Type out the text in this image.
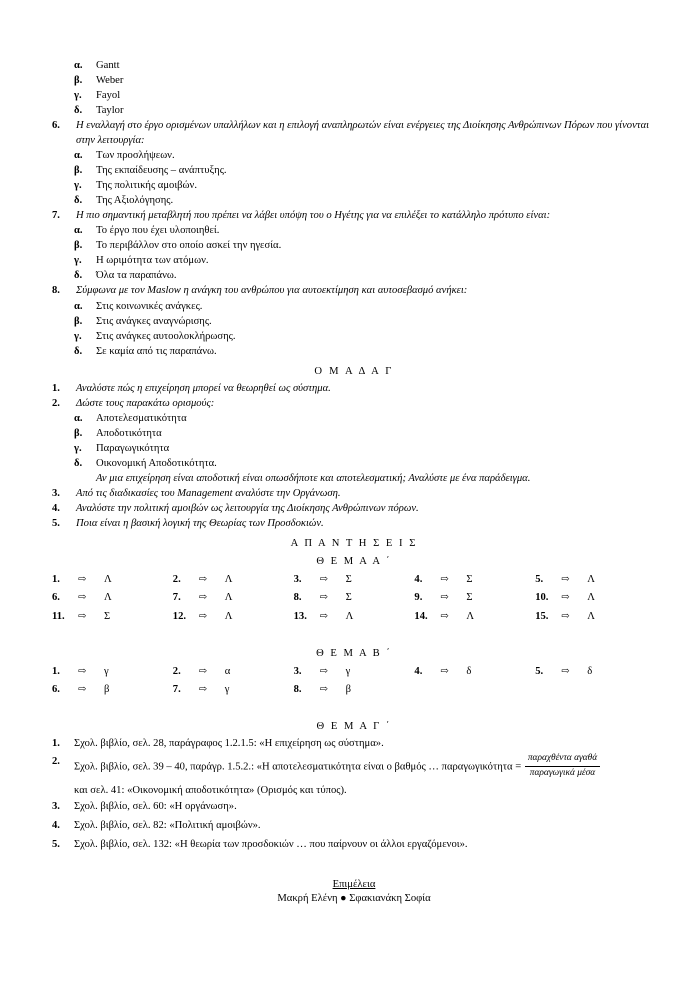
α.	Gantt
β.	Weber
γ.	Fayol
δ.	Taylor
6.	Η εναλλαγή στο έργο ορισμένων υπαλλήλων και η επιλογή αναπληρωτών είναι ενέργειες της Διοίκησης Ανθρώπινων Πόρων που γίνονται στην λειτουργία:
α.	Των προσλήψεων.
β.	Της εκπαίδευσης – ανάπτυξης.
γ.	Της πολιτικής αμοιβών.
δ.	Της Αξιολόγησης.
7.	Η πιο σημαντική μεταβλητή που πρέπει να λάβει υπόψη του ο Ηγέτης για να επιλέξει το κατάλληλο πρότυπο είναι:
α.	Το έργο που έχει υλοποιηθεί.
β.	Το περιβάλλον στο οποίο ασκεί την ηγεσία.
γ.	Η ωριμότητα των ατόμων.
δ.	Όλα τα παραπάνω.
8.	Σύμφωνα με τον Maslow η ανάγκη του ανθρώπου για αυτοεκτίμηση και αυτοσεβασμό ανήκει:
α.	Στις κοινωνικές ανάγκες.
β.	Στις ανάγκες αναγνώρισης.
γ.	Στις ανάγκες αυτοολοκλήρωσης.
δ.	Σε καμία από τις παραπάνω.
Ο Μ Α Δ Α Γ
1.	Αναλύστε πώς η επιχείρηση μπορεί να θεωρηθεί ως σύστημα.
2.	Δώστε τους παρακάτω ορισμούς:
α.	Αποτελεσματικότητα
β.	Αποδοτικότητα
γ.	Παραγωγικότητα
δ.	Οικονομική Αποδοτικότητα.
Αν μια επιχείρηση είναι αποδοτική είναι οπωσδήποτε και αποτελεσματική; Αναλύστε με ένα παράδειγμα.
3.	Από τις διαδικασίες του Management αναλύστε την Οργάνωση.
4.	Αναλύστε την πολιτική αμοιβών ως λειτουργία της Διοίκησης Ανθρώπινων πόρων.
5.	Ποια είναι η βασική λογική της Θεωρίας των Προσδοκιών.
Α Π Α Ν Τ Η Σ Ε Ι Σ
Θ Ε Μ Α Α ΄
1.	⇨	Λ	2.	⇨	Λ	3.	⇨	Σ	4.	⇨	Σ	5.	⇨	Λ
6.	⇨	Λ	7.	⇨	Λ	8.	⇨	Σ	9.	⇨	Σ	10.	⇨	Λ
11.	⇨	Σ	12.	⇨	Λ	13.	⇨	Λ	14.	⇨	Λ	15.	⇨	Λ
Θ Ε Μ Α Β ΄
1.	⇨	γ	2.	⇨	α	3.	⇨	γ	4.	⇨	δ	5.	⇨	δ
6.	⇨	β	7.	⇨	γ	8.	⇨	β
Θ Ε Μ Α Γ ΄
1.	Σχολ. βιβλίο, σελ. 28, παράγραφος 1.2.1.5: «Η επιχείρηση ως σύστημα».
2.	Σχολ. βιβλίο, σελ. 39 – 40, παράγρ. 1.5.2.: «Η αποτελεσματικότητα είναι ο βαθμός … $\pi\alpha\rho\alpha\gamma\omega\gamma\iota\kappa ό\tau\eta\tau\alpha = \frac{\text{παραχθέντα αγαθά}}{\text{παραγωγικά μέσα}}$
και σελ. 41: «Οικονομική αποδοτικότητα» (Ορισμός και τύπος).
3.	Σχολ. βιβλίο, σελ. 60: «Η οργάνωση».
4.	Σχολ. βιβλίο, σελ. 82: «Πολιτική αμοιβών».
5.	Σχολ. βιβλίο, σελ. 132: «Η θεωρία των προσδοκιών … που παίρνουν οι άλλοι εργαζόμενοι».
Επιμέλεια
Μακρή Ελένη ● Σφακιανάκη Σοφία
